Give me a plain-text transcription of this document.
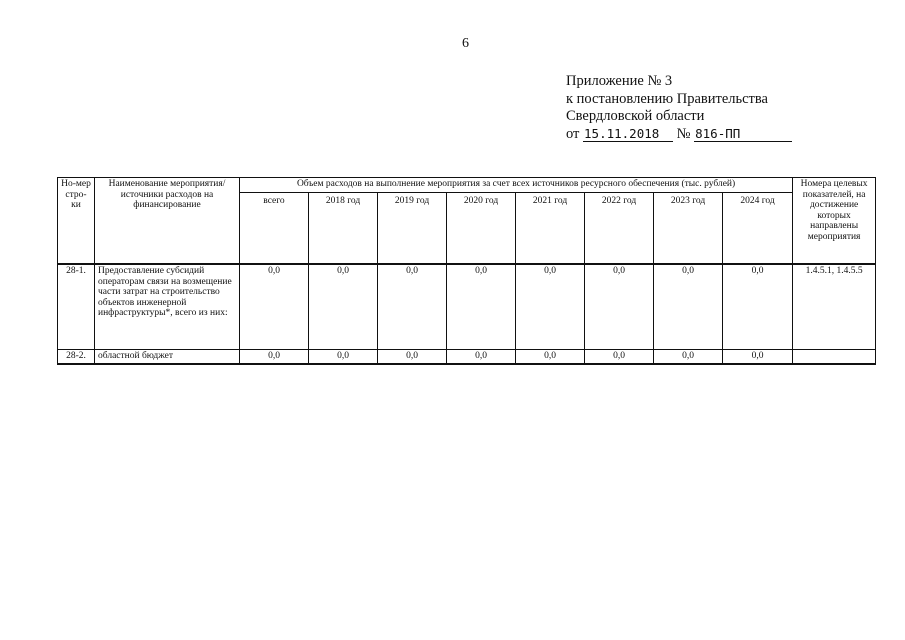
6
Приложение № 3
к постановлению Правительства
Свердловской области
от 15.11.2018 № 816-ПП
Но-мер стро-ки	Наименование мероприятия/ источники расходов на финансирование	Объем расходов на выполнение мероприятия за счет всех источников ресурсного обеспечения (тыс. рублей)								Номера целевых показателей, на достижение которых направлены мероприятия

		всего	2018 год	2019 год	2020 год	2021 год	2022 год	2023 год	2024 год	

28-1.	Предоставление субсидий операторам связи на возмещение части затрат на строительство объектов инженерной инфраструктуры*, всего из них:	0,0	0,0	0,0	0,0	0,0	0,0	0,0	0,0	1.4.5.1, 1.4.5.5
28-2.	областной бюджет	0,0	0,0	0,0	0,0	0,0	0,0	0,0	0,0	
